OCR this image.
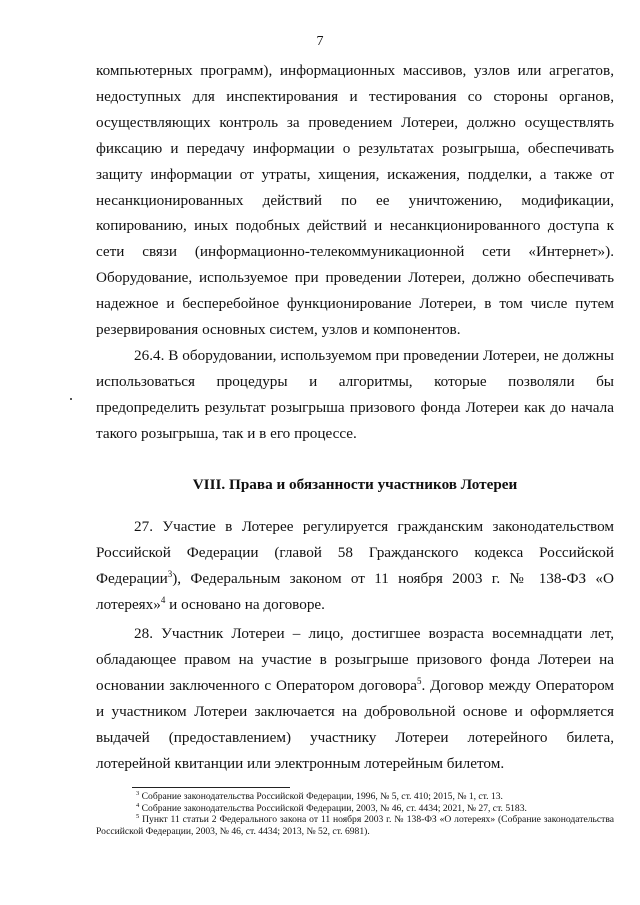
7

компьютерных программ), информационных массивов, узлов или агрегатов, недоступных для инспектирования и тестирования со стороны органов, осуществляющих контроль за проведением Лотереи, должно осуществлять фиксацию и передачу информации о результатах розыгрыша, обеспечивать защиту информации от утраты, хищения, искажения, подделки, а также от несанкционированных действий по ее уничтожению, модификации, копированию, иных подобных действий и несанкционированного доступа к сети связи (информационно-телекоммуникационной сети «Интернет»). Оборудование, используемое при проведении Лотереи, должно обеспечивать надежное и бесперебойное функционирование Лотереи, в том числе путем резервирования основных систем, узлов и компонентов.

26.4. В оборудовании, используемом при проведении Лотереи, не должны использоваться процедуры и алгоритмы, которые позволяли бы предопределить результат розыгрыша призового фонда Лотереи как до начала такого розыгрыша, так и в его процессе.

VIII. Права и обязанности участников Лотереи

27. Участие в Лотерее регулируется гражданским законодательством Российской Федерации (главой 58 Гражданского кодекса Российской Федерации$^3$), Федеральным законом от 11 ноября 2003 г. № 138-ФЗ «О лотереях»$^4$ и основано на договоре.

28. Участник Лотереи – лицо, достигшее возраста восемнадцати лет, обладающее правом на участие в розыгрыше призового фонда Лотереи на основании заключенного с Оператором договора$^5$. Договор между Оператором и участником Лотереи заключается на добровольной основе и оформляется выдачей (предоставлением) участнику Лотереи лотерейного билета, лотерейной квитанции или электронным лотерейным билетом.

$^3$ Собрание законодательства Российской Федерации, 1996, № 5, ст. 410; 2015, № 1, ст. 13.

$^4$ Собрание законодательства Российской Федерации, 2003, № 46, ст. 4434; 2021, № 27, ст. 5183.

$^5$ Пункт 11 статьи 2 Федерального закона от 11 ноября 2003 г. № 138-ФЗ «О лотереях» (Собрание законодательства Российской Федерации, 2003, № 46, ст. 4434; 2013, № 52, ст. 6981).
